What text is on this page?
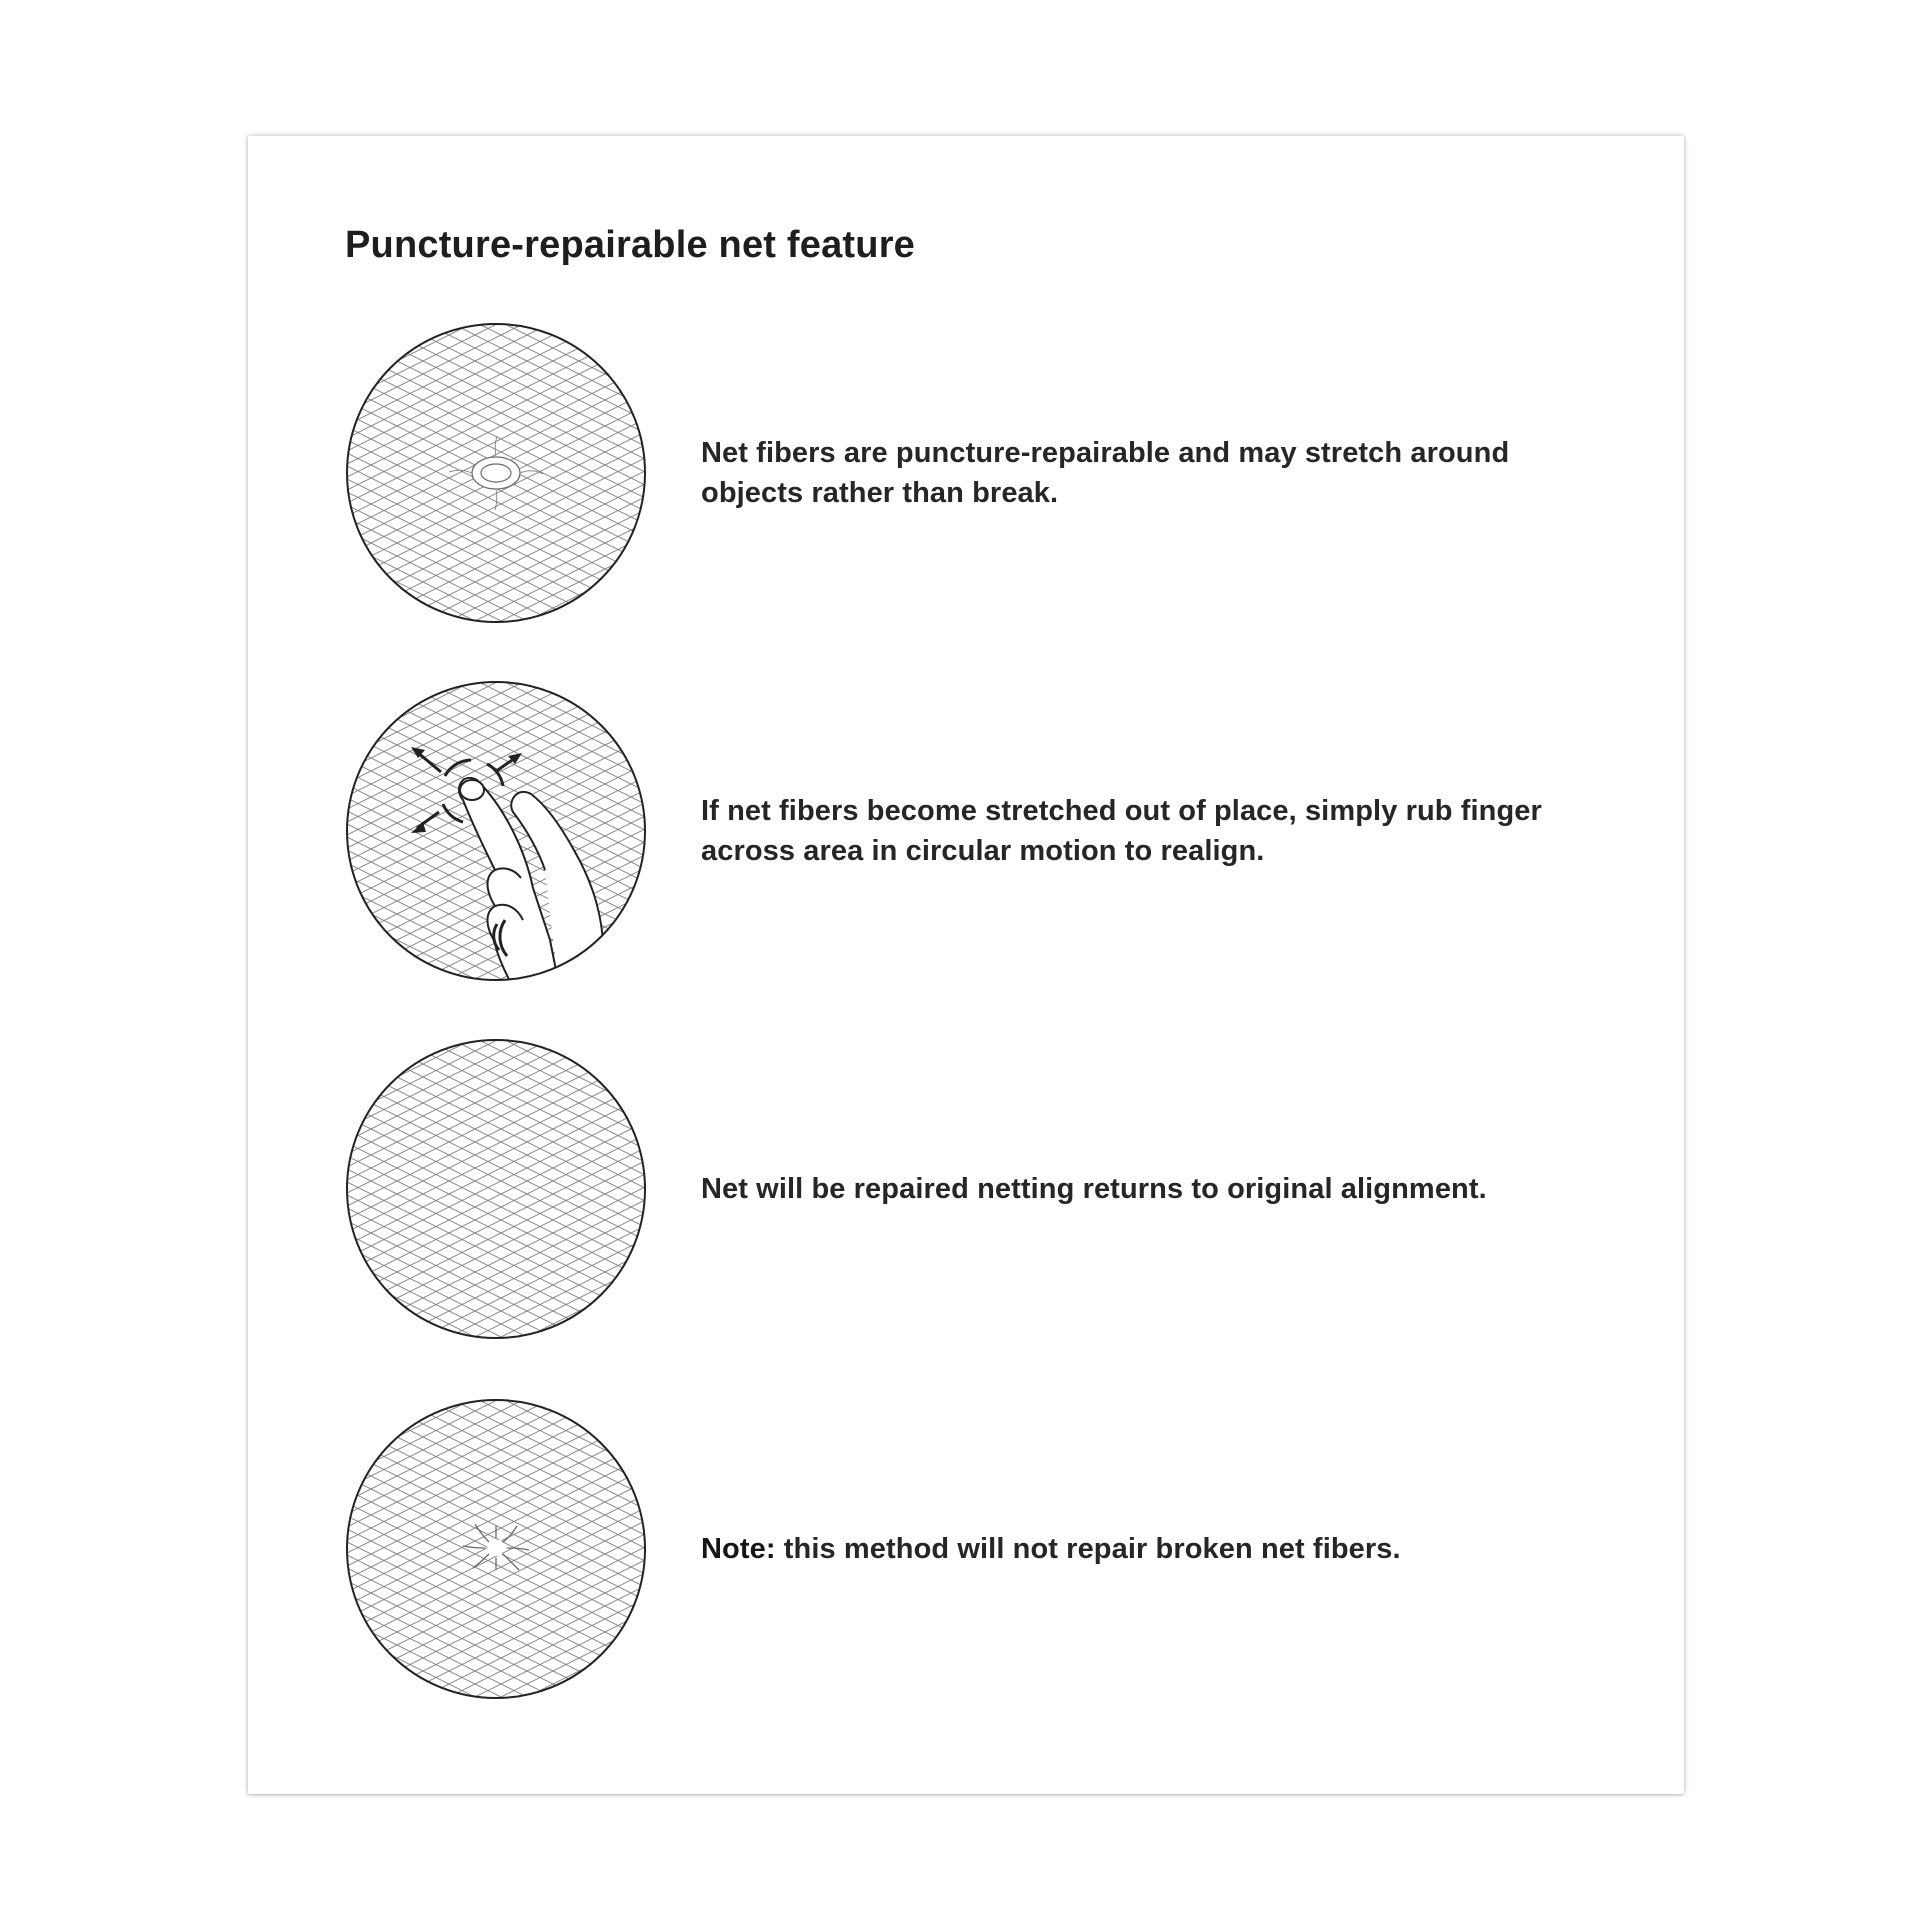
Puncture-repairable net feature

Net fibers are puncture-repairable and may stretch around objects rather than break.

If net fibers become stretched out of place, simply rub finger across area in circular motion to realign.

Net will be repaired netting returns to original alignment.

Note: this method will not repair broken net fibers.
